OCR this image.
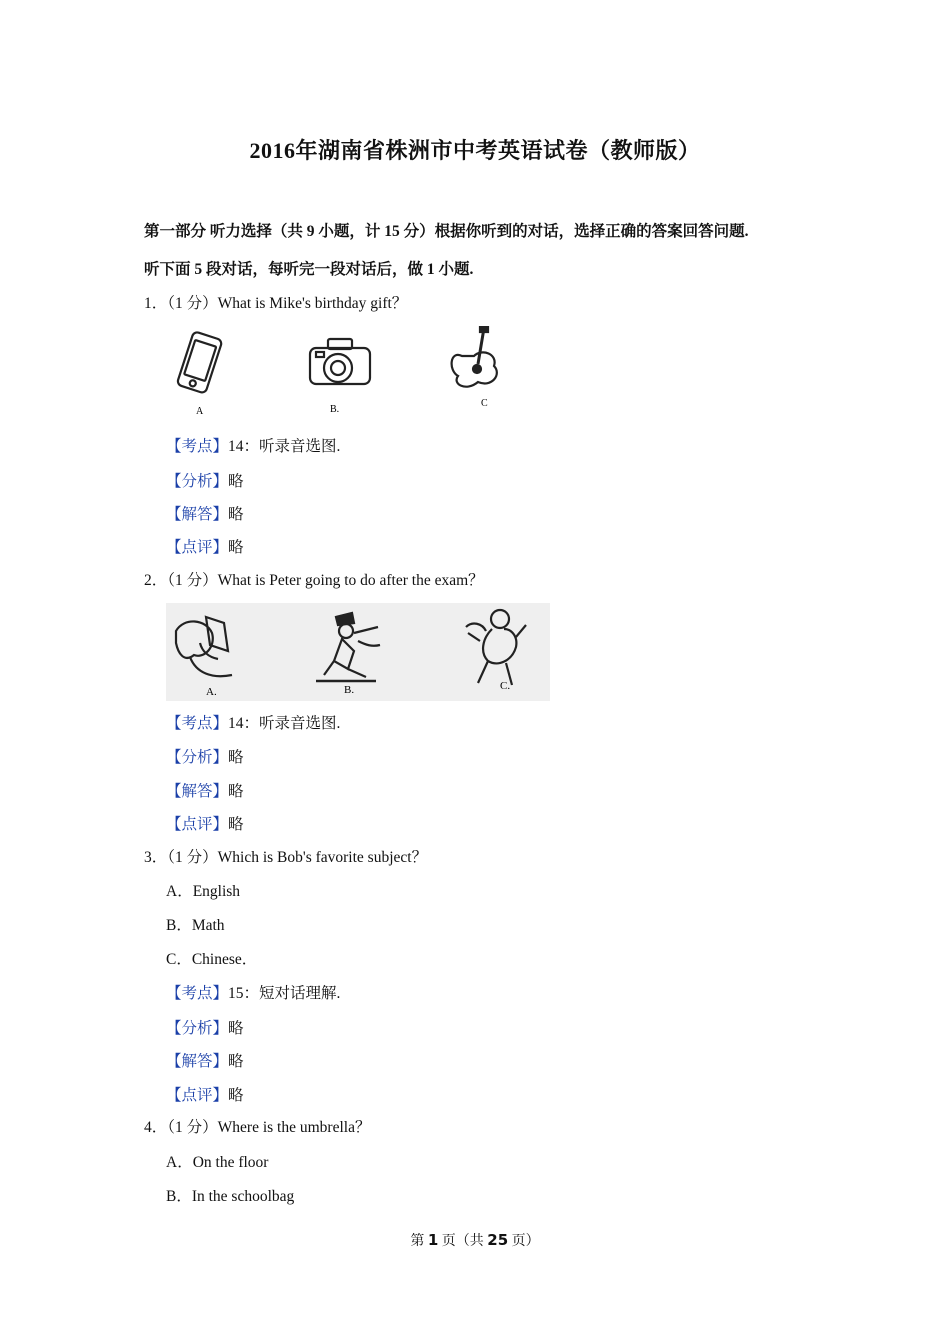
2016年湖南省株洲市中考英语试卷（教师版）
第一部分 听力选择（共 9 小题，计 15 分）根据你听到的对话，选择正确的答案回答问题.
听下面 5 段对话，每听完一段对话后，做 1 小题.
1．（1 分）What is Mike's birthday gift？
A	B.
C
【考点】14：听录音选图.
【分析】略
【解答】略
【点评】略
2．（1 分）What is Peter going to do after the exam？
A.	B.	C.
【考点】14：听录音选图.
【分析】略
【解答】略
【点评】略
3．（1 分）Which is Bob's favorite subject？
A．English
B．Math
C．Chinese．
【考点】15：短对话理解.
【分析】略
【解答】略
【点评】略
4．（1 分）Where is the umbrella？
A．On the floor
B．In the schoolbag
第 1 页（共 25 页）
